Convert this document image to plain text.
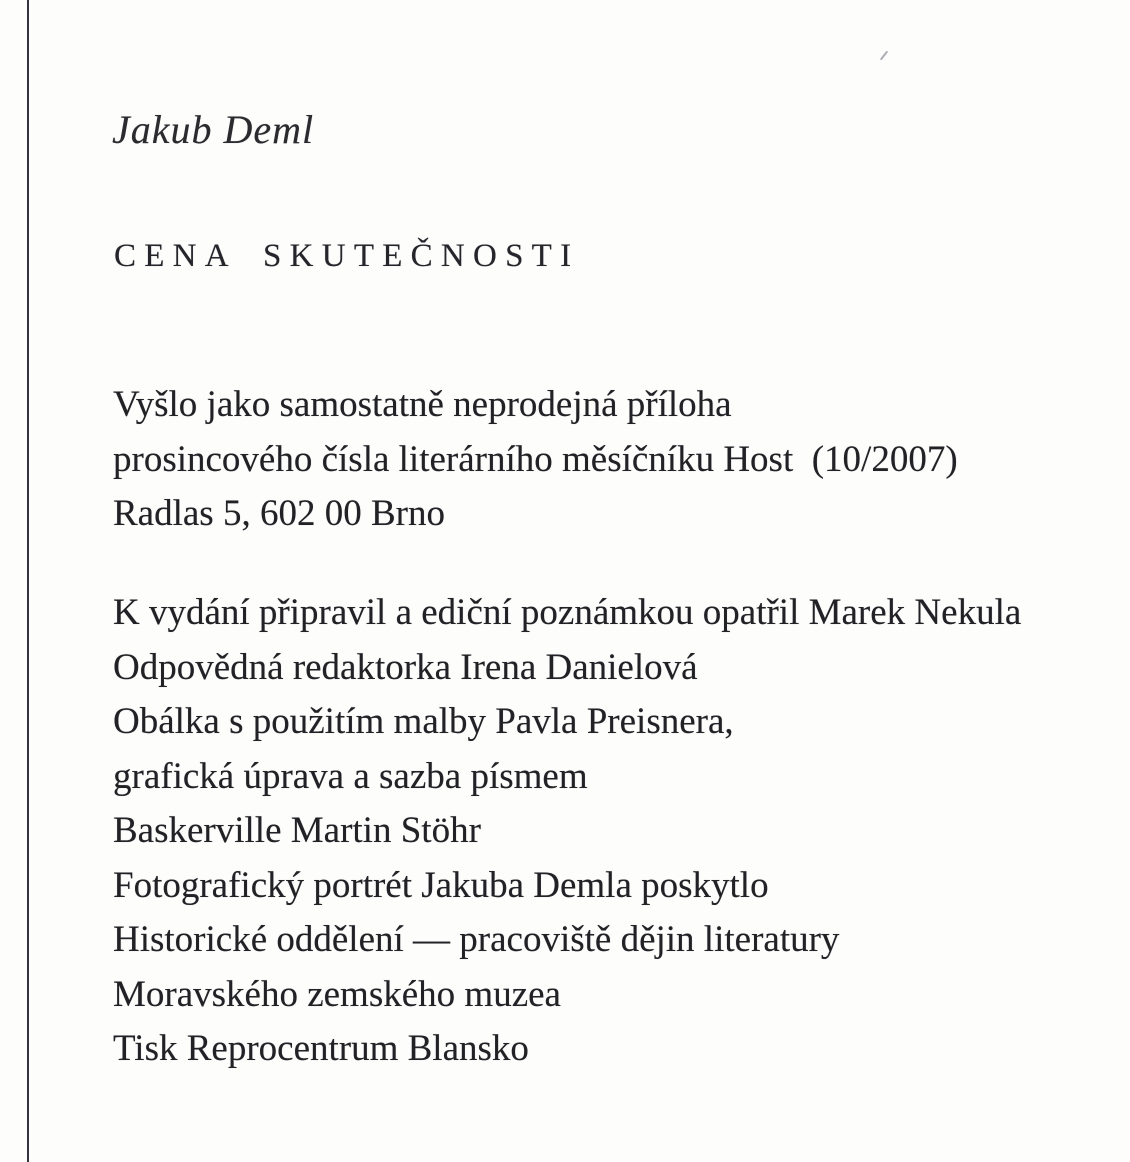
Jakub Deml
CENA SKUTEČNOSTI
Vyšlo jako samostatně neprodejná příloha
prosincového čísla literárního měsíčníku Host  (10/2007)
Radlas 5, 602 00 Brno
K vydání připravil a ediční poznámkou opatřil Marek Nekula
Odpovědná redaktorka Irena Danielová
Obálka s použitím malby Pavla Preisnera,
grafická úprava a sazba písmem
Baskerville Martin Stöhr
Fotografický portrét Jakuba Demla poskytlo
Historické oddělení — pracoviště dějin literatury
Moravského zemského muzea
Tisk Reprocentrum Blansko
